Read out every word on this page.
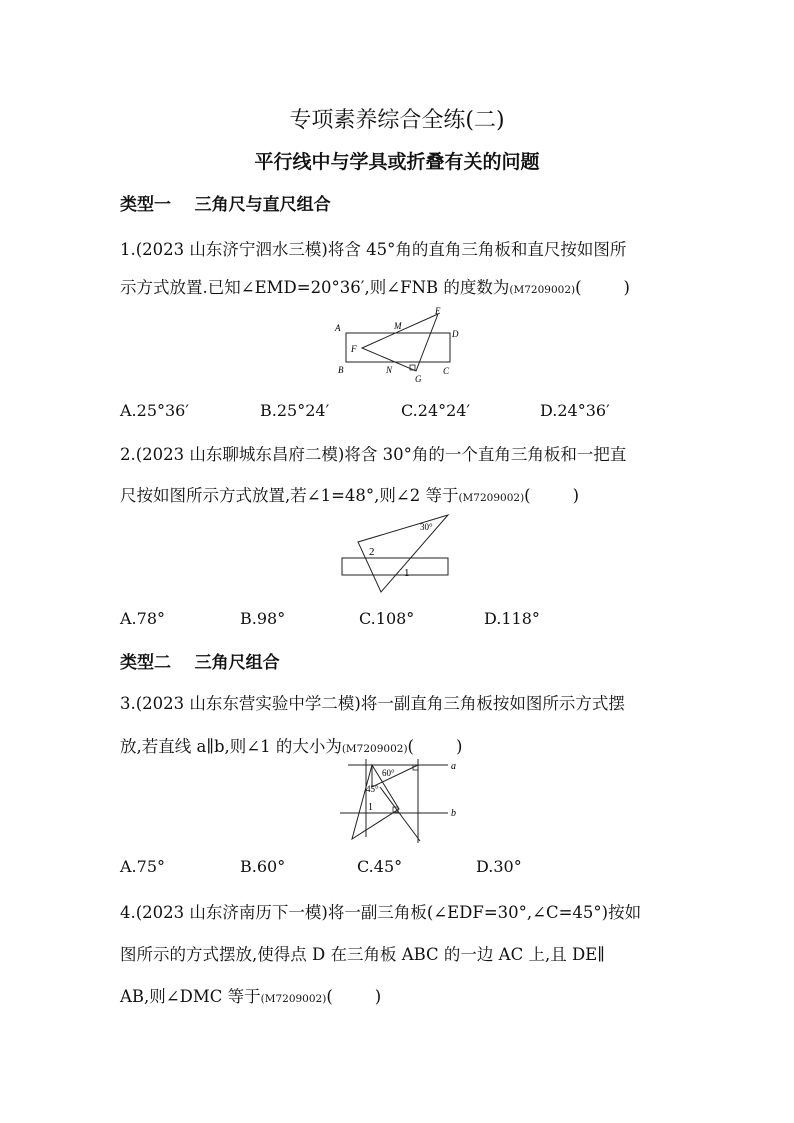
专项素养综合全练(二)
平行线中与学具或折叠有关的问题
类型一    三角尺与直尺组合
1.(2023 山东济宁泗水三模)将含 45°角的直角三角板和直尺按如图所
示方式放置.已知∠EMD=20°36′,则∠FNB 的度数为(M7209002)(        )
A	M
E
D
F
B	N
G
C
A.25°36′	B.25°24′	C.24°24′	D.24°36′
2.(2023 山东聊城东昌府二模)将含 30°角的一个直角三角板和一把直
尺按如图所示方式放置,若∠1=48°,则∠2 等于(M7209002)(        )
30°
2
1
A.78°	B.98°	C.108°	D.118°
类型二    三角尺组合
3.(2023 山东东营实验中学二模)将一副直角三角板按如图所示方式摆
放,若直线 a∥b,则∠1 的大小为(M7209002)(        )
a
b
60°
45°
1
A.75°	B.60°	C.45°	D.30°
4.(2023 山东济南历下一模)将一副三角板(∠EDF=30°,∠C=45°)按如
图所示的方式摆放,使得点 D 在三角板 ABC 的一边 AC 上,且 DE∥
AB,则∠DMC 等于(M7209002)(        )
